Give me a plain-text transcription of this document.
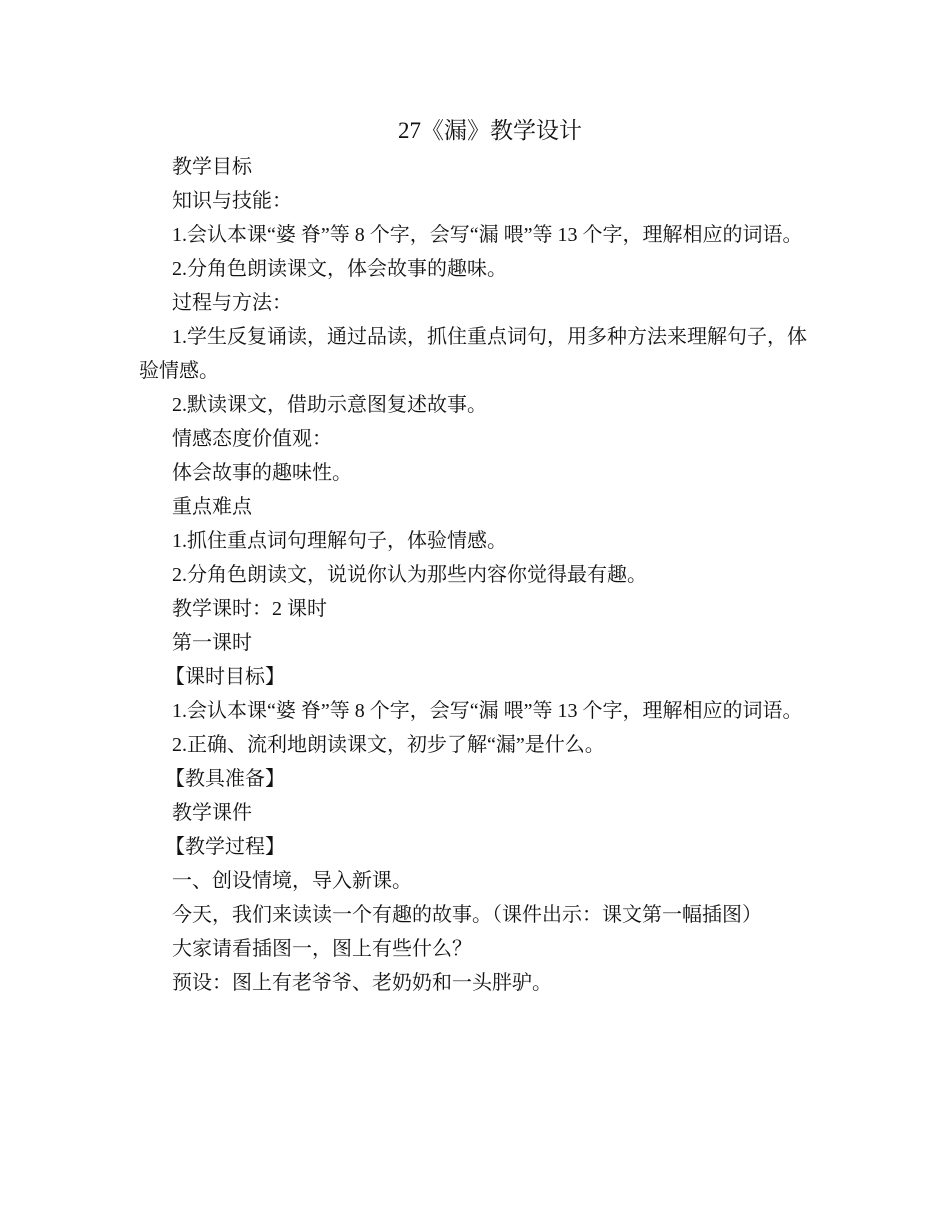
27《漏》教学设计

教学目标

知识与技能：

1.会认本课“婆 脊”等 8 个字，会写“漏 喂”等 13 个字，理解相应的词语。

2.分角色朗读课文，体会故事的趣味。

过程与方法：

1.学生反复诵读，通过品读，抓住重点词句，用多种方法来理解句子，体验情感。

2.默读课文，借助示意图复述故事。

情感态度价值观：

体会故事的趣味性。

重点难点

1.抓住重点词句理解句子，体验情感。

2.分角色朗读文，说说你认为那些内容你觉得最有趣。

教学课时：2 课时

第一课时

【课时目标】

1.会认本课“婆 脊”等 8 个字，会写“漏 喂”等 13 个字，理解相应的词语。

2.正确、流利地朗读课文，初步了解“漏”是什么。

【教具准备】

教学课件

【教学过程】

一、创设情境，导入新课。

今天，我们来读读一个有趣的故事。（课件出示：课文第一幅插图）

大家请看插图一，图上有些什么？

预设：图上有老爷爷、老奶奶和一头胖驴。
